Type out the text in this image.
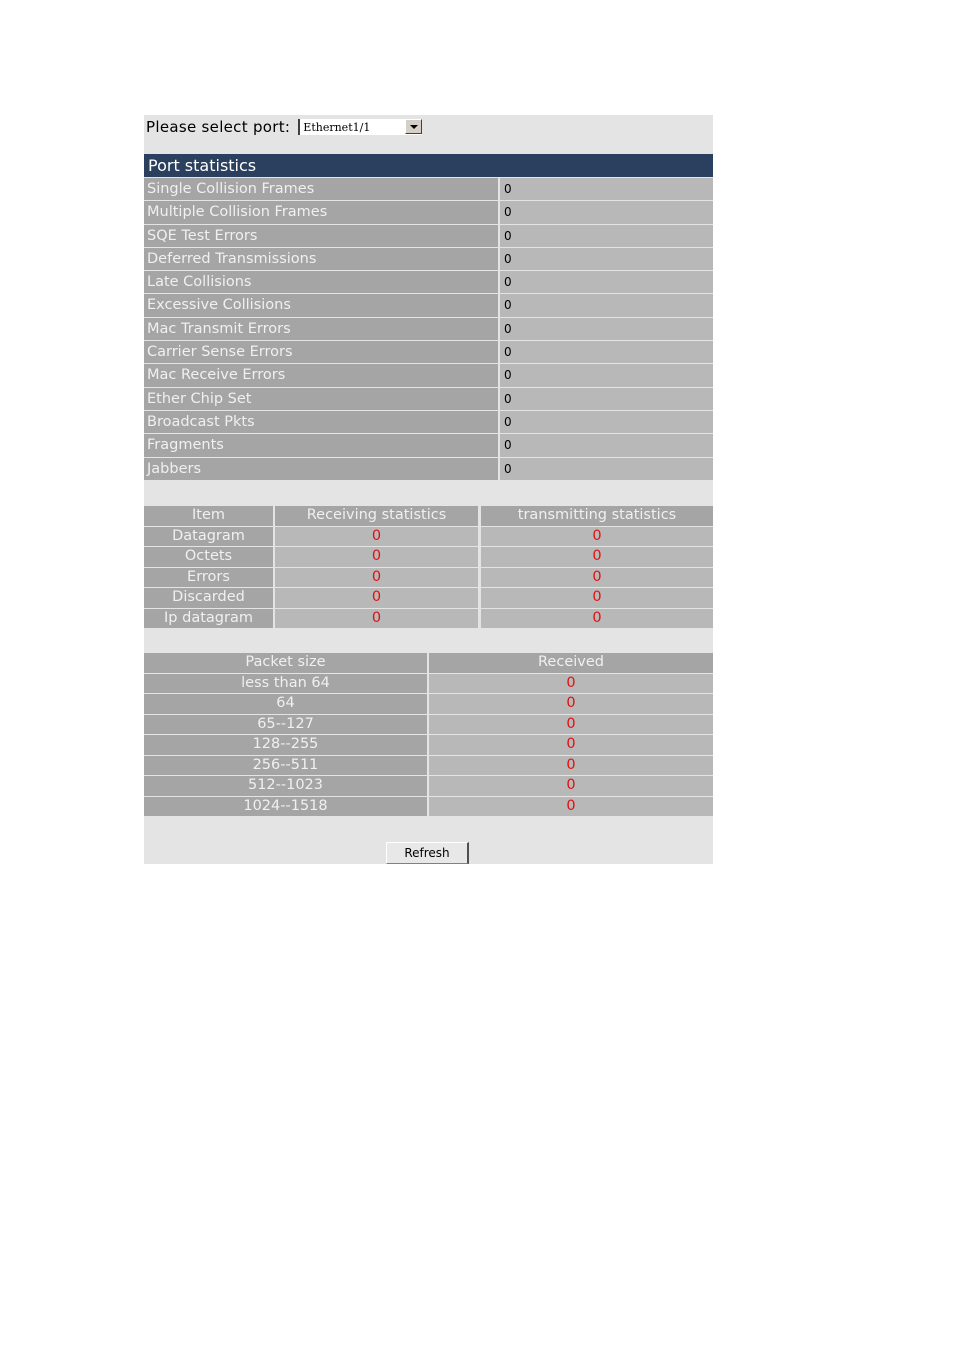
Please select port: Ethernet1/1
Port statistics
Single Collision Frames	0
Multiple Collision Frames	0
SQE Test Errors	0
Deferred Transmissions	0
Late Collisions	0
Excessive Collisions	0
Mac Transmit Errors	0
Carrier Sense Errors	0
Mac Receive Errors	0
Ether Chip Set	0
Broadcast Pkts	0
Fragments	0
Jabbers	0
Item	Receiving statistics	transmitting statistics
Datagram	0	0
Octets	0	0
Errors	0	0
Discarded	0	0
Ip datagram	0	0
Packet size	Received
less than 64	0
64	0
65--127	0
128--255	0
256--511	0
512--1023	0
1024--1518	0
Refresh
